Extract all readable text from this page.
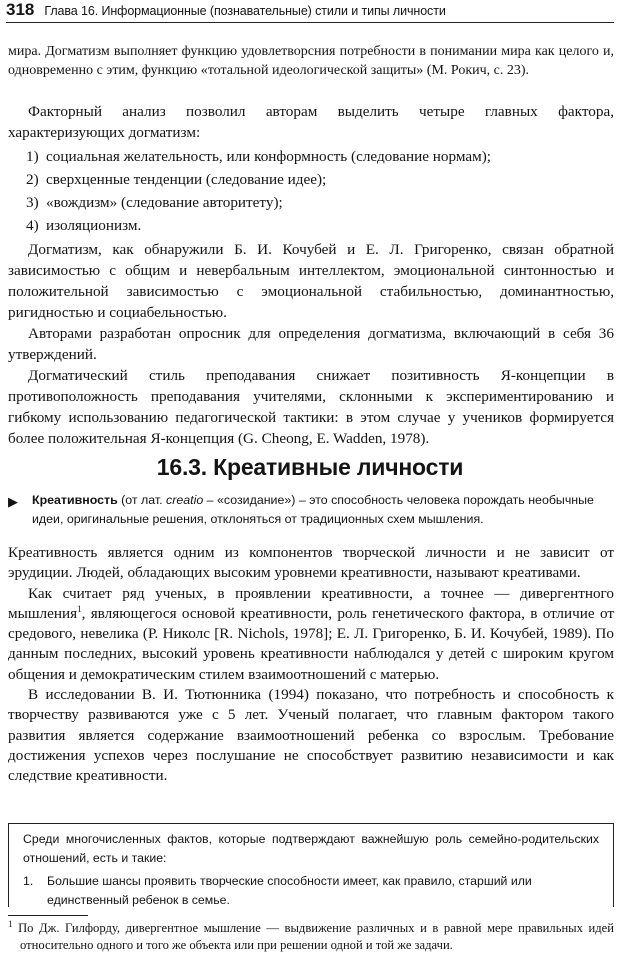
318 Глава 16. Информационные (познавательные) стили и типы личности

мира. Догматизм выполняет функцию удовлетворсния потребности в понимании мира как целого и, одновременно с этим, функцию «тотальной идеологической защиты» (М. Рокич, с. 23).

Факторный анализ позволил авторам выделить четыре главных фактора, характеризующих догматизм:

1) социальная желательность, или конформность (следование нормам);
2) сверхценные тенденции (следование идее);
3) «вождизм» (следование авторитету);
4) изоляционизм.

Догматизм, как обнаружили Б. И. Кочубей и Е. Л. Григоренко, связан обратной зависимостью с общим и невербальным интеллектом, эмоциональной синтонностью и положительной зависимостью с эмоциональной стабильностью, доминантностью, ригидностью и социабельностью.

Авторами разработан опросник для определения догматизма, включающий в себя 36 утверждений.

Догматический стиль преподавания снижает позитивность Я-концепции в противоположность преподавания учителями, склонными к экспериментированию и гибкому использованию педагогической тактики: в этом случае у учеников формируется более положительная Я-концепция (G. Cheong, E. Wadden, 1978).

16.3. Креативные личности
▶ Креативность (от лат. creatio – «созидание») – это способность человека порождать необычные идеи, оригинальные решения, отклоняться от традиционных схем мышления.

Креативность является одним из компонентов творческой личности и не зависит от эрудиции. Людей, обладающих высоким уровнеми креативности, называют креативами.

Как считает ряд ученых, в проявлении креативности, а точнее — дивергентного мышления$^1$, являющегося основой креативности, роль генетического фактора, в отличие от средового, невелика (Р. Николс [R. Nichols, 1978]; Е. Л. Григоренко, Б. И. Кочубей, 1989). По данным последних, высокий уровень креативности наблюдался у детей с широким кругом общения и демократическим стилем взаимоотношений с матерью.

В исследовании В. И. Тютюнника (1994) показано, что потребность и способность к творчеству развиваются уже с 5 лет. Ученый полагает, что главным фактором такого развития является содержание взаимоотношений ребенка со взрослым. Требование достижения успехов через послушание не способствует развитию независимости и как следствие креативности.

Среди многочисленных фактов, которые подтверждают важнейшую роль семейно-родительских отношений, есть и такие:

1. Большие шансы проявить творческие способности имеет, как правило, старший или единственный ребенок в семье.

$^1$ По Дж. Гилфорду, дивергентное мышление — выдвижение различных и в равной мере правильных идей относительно одного и того же объекта или при решении одной и той же задачи.
